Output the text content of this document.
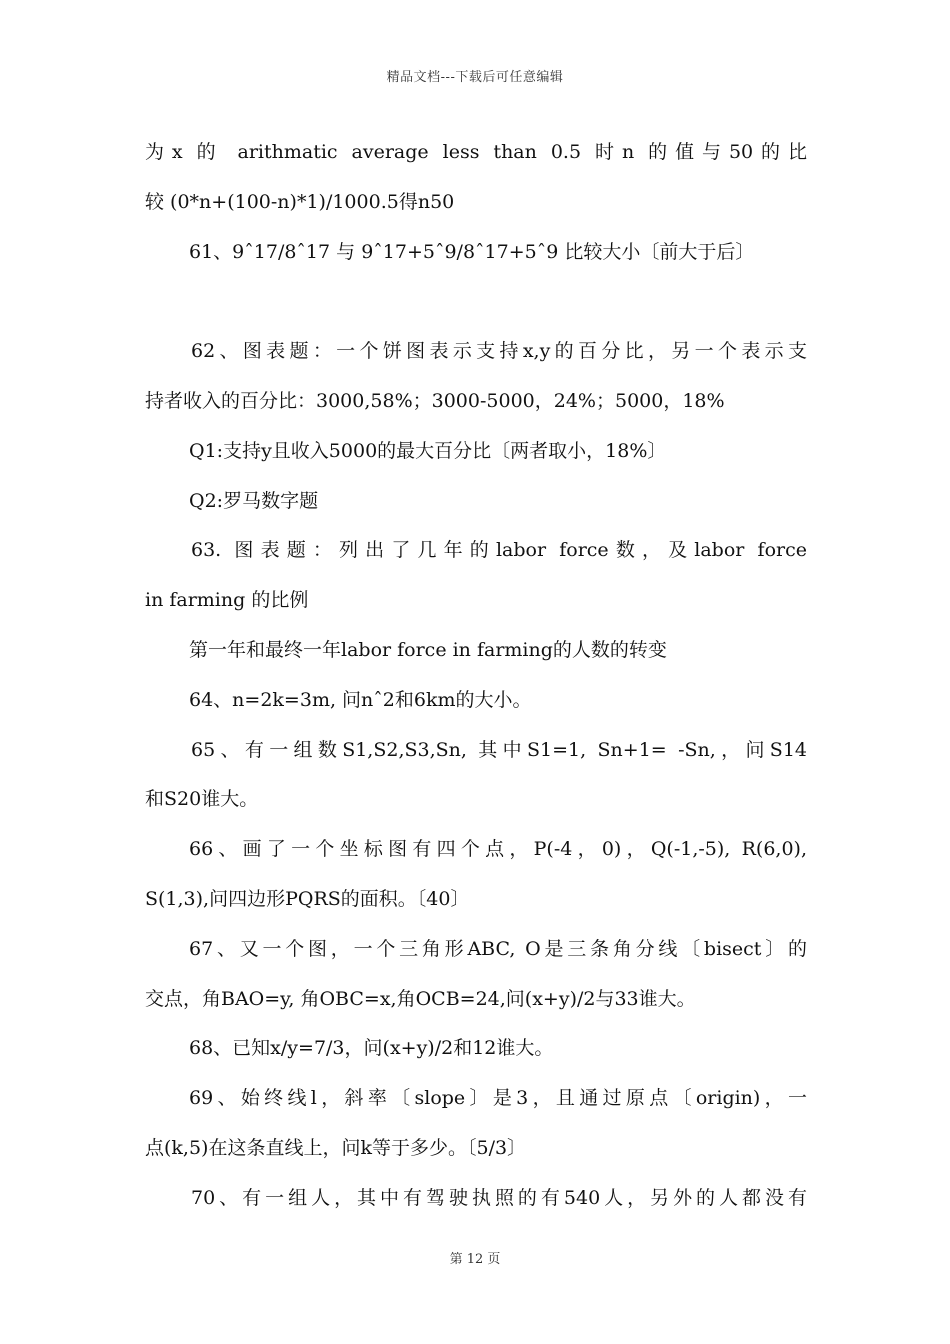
精品文档---下载后可任意编辑
为x 的 arithmatic average less than 0.5 时n 的值与50的比
较 (0*n+(100-n)*1)/1000.5得n50
61、9ˆ17/8ˆ17 与 9ˆ17+5ˆ9/8ˆ17+5ˆ9 比较大小〔前大于后〕
62、图表题：一个饼图表示支持x,y的百分比，另一个表示支
持者收入的百分比：3000,58%；3000-5000，24%；5000，18%
Q1:支持y且收入5000的最大百分比〔两者取小，18%〕
Q2:罗马数字题
63. 图表题：列出了几年的labor force数，及labor force
in farming 的比例
第一年和最终一年labor force in farming的人数的转变
64、n=2k=3m, 问nˆ2和6km的大小。
65、有一组数S1,S2,S3,Sn, 其中S1=1, Sn+1= -Sn,，问S14
和S20谁大。
66、画了一个坐标图有四个点，P(-4，0)，Q(-1,-5), R(6,0),
S(1,3),问四边形PQRS的面积。〔40〕
67、又一个图，一个三角形ABC, O是三条角分线〔bisect〕的
交点，角BAO=y, 角OBC=x,角OCB=24,问(x+y)/2与33谁大。
68、已知x/y=7/3，问(x+y)/2和12谁大。
69、始终线l，斜率〔slope〕是3，且通过原点〔origin)，一
点(k,5)在这条直线上，问k等于多少。〔5/3〕
70、有一组人，其中有驾驶执照的有540人，另外的人都没有
第 12 页
